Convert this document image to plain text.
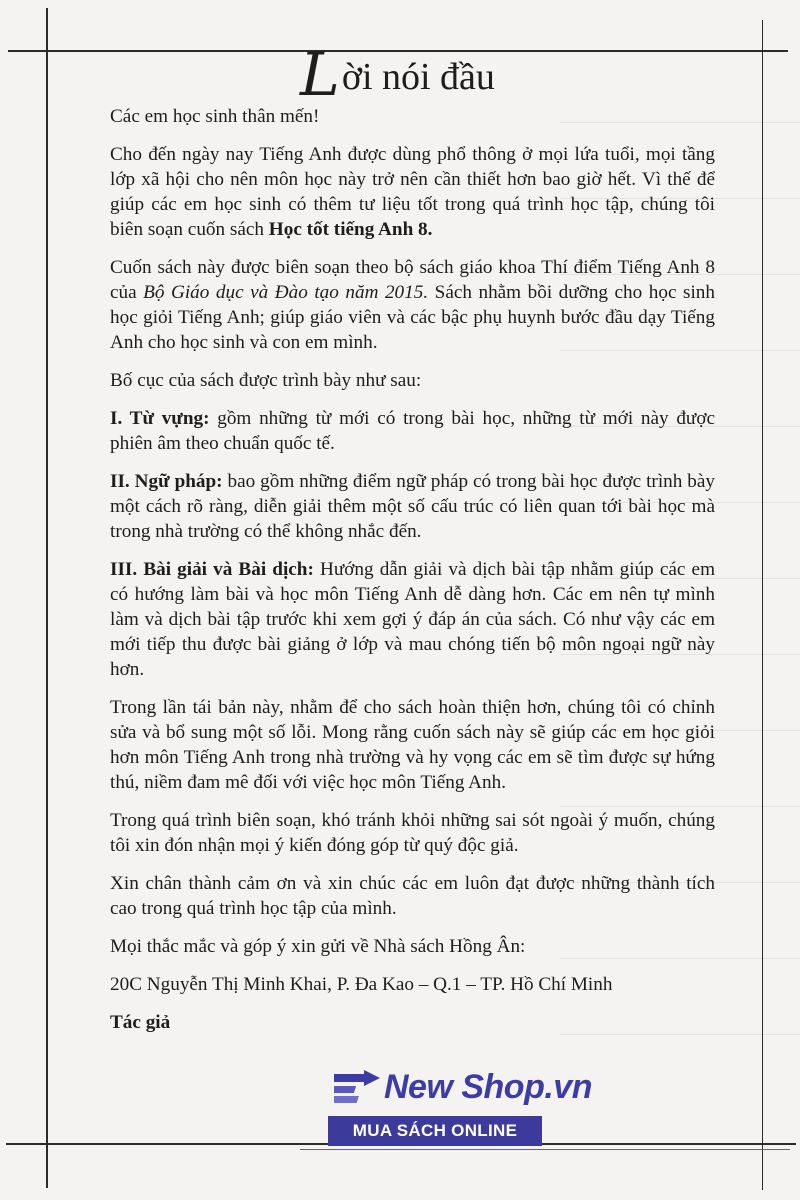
Lời nói đầu

Các em học sinh thân mến!

Cho đến ngày nay Tiếng Anh được dùng phổ thông ở mọi lứa tuổi, mọi tầng lớp xã hội cho nên môn học này trở nên cần thiết hơn bao giờ hết. Vì thế để giúp các em học sinh có thêm tư liệu tốt trong quá trình học tập, chúng tôi biên soạn cuốn sách Học tốt tiếng Anh 8.

Cuốn sách này được biên soạn theo bộ sách giáo khoa Thí điểm Tiếng Anh 8 của Bộ Giáo dục và Đào tạo năm 2015. Sách nhằm bồi dưỡng cho học sinh học giỏi Tiếng Anh; giúp giáo viên và các bậc phụ huynh bước đầu dạy Tiếng Anh cho học sinh và con em mình.

Bố cục của sách được trình bày như sau:

I. Từ vựng: gồm những từ mới có trong bài học, những từ mới này được phiên âm theo chuẩn quốc tế.

II. Ngữ pháp: bao gồm những điểm ngữ pháp có trong bài học được trình bày một cách rõ ràng, diễn giải thêm một số cấu trúc có liên quan tới bài học mà trong nhà trường có thể không nhắc đến.

III. Bài giải và Bài dịch: Hướng dẫn giải và dịch bài tập nhằm giúp các em có hướng làm bài và học môn Tiếng Anh dễ dàng hơn. Các em nên tự mình làm và dịch bài tập trước khi xem gợi ý đáp án của sách. Có như vậy các em mới tiếp thu được bài giảng ở lớp và mau chóng tiến bộ môn ngoại ngữ này hơn.

Trong lần tái bản này, nhằm để cho sách hoàn thiện hơn, chúng tôi có chỉnh sửa và bổ sung một số lỗi. Mong rằng cuốn sách này sẽ giúp các em học giỏi hơn môn Tiếng Anh trong nhà trường và hy vọng các em sẽ tìm được sự hứng thú, niềm đam mê đối với việc học môn Tiếng Anh.

Trong quá trình biên soạn, khó tránh khỏi những sai sót ngoài ý muốn, chúng tôi xin đón nhận mọi ý kiến đóng góp từ quý độc giả.

Xin chân thành cảm ơn và xin chúc các em luôn đạt được những thành tích cao trong quá trình học tập của mình.

Mọi thắc mắc và góp ý xin gửi về Nhà sách Hồng Ân:

20C Nguyễn Thị Minh Khai, P. Đa Kao – Q.1 – TP. Hồ Chí Minh

Tác giả

New Shop.vn
MUA SÁCH ONLINE
